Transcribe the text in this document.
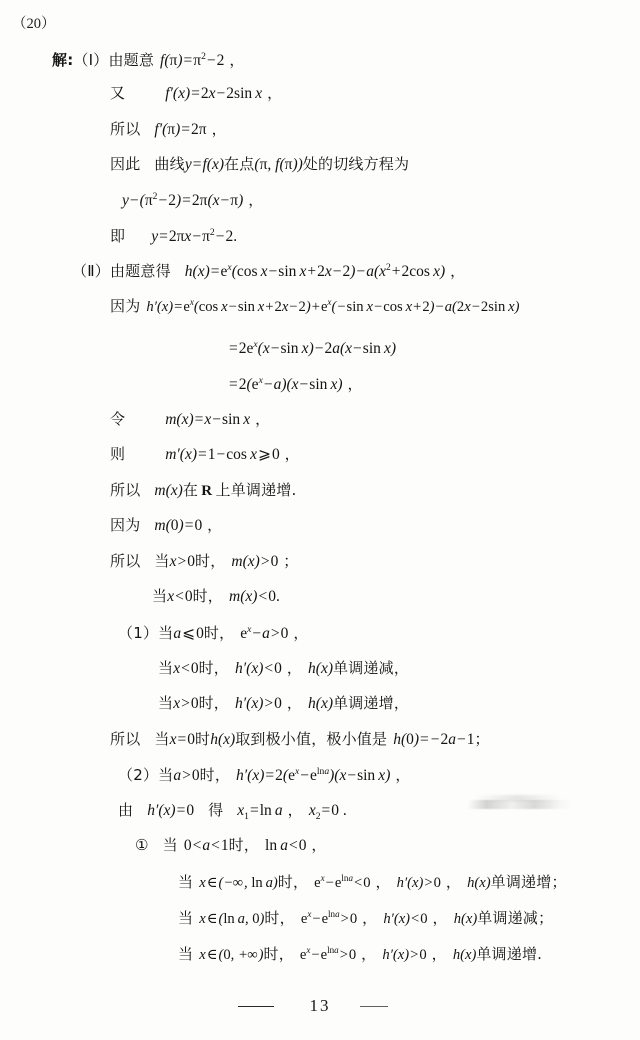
（20）
解:（Ⅰ）由题意 $f(\pi)=\pi^2-2$ ，
又	f′(x)=2x−2sin  x ，
所以 f′(π)=2π ，
因此 曲线y=f(x)在点(π, f(π))处的切线方程为
$y-(\pi^2-2)=2\pi(x-\pi)$ ，
即 $y=2\pi x-\pi^2-2$.
（Ⅱ）由题意得 $h(x)=e^x(\cos$  x−sin  $x+2x-2)-a(x^2+2\cos$  x) ，
因为 $h'(x)=e^x(\cos$  x−sin  $x+2x-2)+e^x(-\sin$  x−cos  x+2)−a(2x−2sin  x)
$=2e^x(x-\sin$  x)−2a(x−sin  x)
$=2(e^x-a)(x-\sin$  x) ，
令	m(x)=x−sin  x ，
则	m′(x)=1−cos  x⩾0 ，
所以 m(x)在 R 上单调递增.
因为 m(0)=0 ，
所以 当x>0时， m(x)>0 ；
当x<0时， m(x)<0.
（1）当a⩽0时， $e^x-a>0$ ，
当x<0时， h′(x)<0 ， h(x)单调递减，
当x>0时， h′(x)>0 ， h(x)单调递增，
所以 当x=0时h(x)取到极小值，极小值是 h(0)= −2a−1；
（2）当a>0时， $h'(x)=2(e^x-e^{lna})(x-\sin$  x) ，
由 h′(x)=0 得 $x_1=\ln$  a ， $x_2=0$ .
① 当 0<a<1时， ln  a<0 ，
当 x∈(−∞, ln  a)时， $e^x-e^{lna}<0$ ， h′(x)>0 ， h(x)单调递增；
当 x∈(ln  a, 0)时， $e^x-e^{lna}>0$ ， h′(x)<0 ， h(x)单调递减；
当 x∈(0, +∞)时， $e^x-e^{lna}>0$ ， h′(x)>0 ， h(x)单调递增.
13
